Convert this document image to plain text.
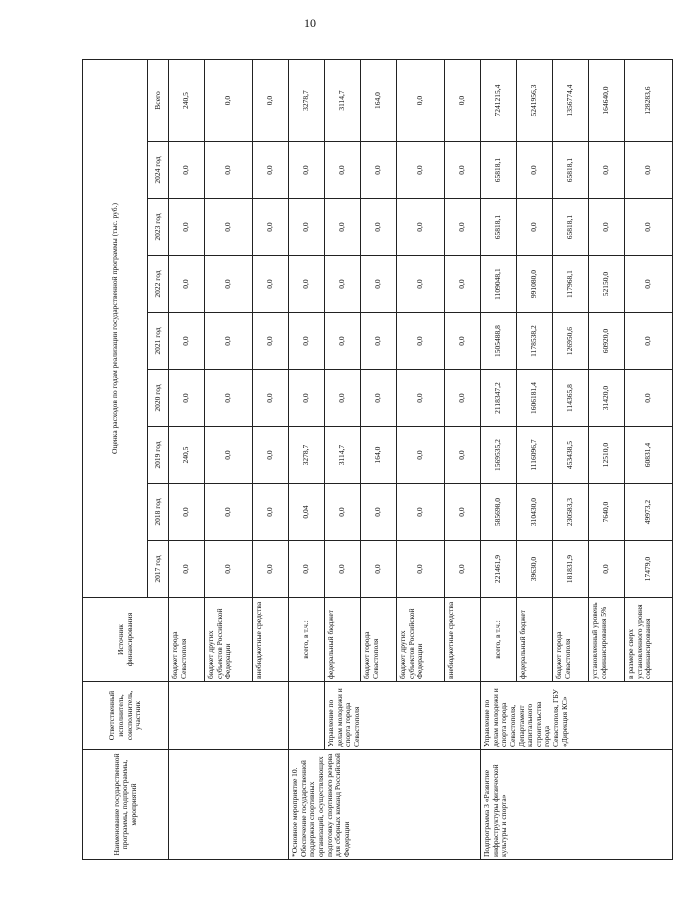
10
Наименование государственной программы, подпрограммы, мероприятий	Ответственный исполнитель, соисполнитель, участник	Источник финансирования	Оценка расходов по годам реализации государственной программы (тыс. руб.)								
			2017 год	2018 год	2019 год	2020 год	2021 год	2022 год	2023 год	2024 год	Всего
		бюджет города Севастополя	0,0	0,0	240,5	0,0	0,0	0,0	0,0	0,0	240,5
		бюджет других субъектов Российской Федерации	0,0	0,0	0,0	0,0	0,0	0,0	0,0	0,0	0,0
		внебюджетные средства	0,0	0,0	0,0	0,0	0,0	0,0	0,0	0,0	0,0
*Основное мероприятие 10. Обеспечение государственной поддержки спортивных организаций, осуществляющих подготовку спортивного резерва для сборных команд Российской Федерации		всего, в т.ч.:	0,0	0,04	3278,7	0,0	0,0	0,0	0,0	0,0	3278,7
	Управление по делам молодежи и спорта города Севастополя	федеральный бюджет	0,0	0,0	3114,7	0,0	0,0	0,0	0,0	0,0	3114,7
		бюджет города Севастополя	0,0	0,0	164,0	0,0	0,0	0,0	0,0	0,0	164,0
		бюджет других субъектов Российской Федерации	0,0	0,0	0,0	0,0	0,0	0,0	0,0	0,0	0,0
		внебюджетные средства	0,0	0,0	0,0	0,0	0,0	0,0	0,0	0,0	0,0
Подпрограмма 3 «Развитие инфраструктуры физической культуры и спорта»	Управление по делам молодежи и спорта города Севастополя, Департамент капитального строительства города Севастополя, ГБУ «Дирекция КС»	всего, в т.ч.:	221461,9	585698,0	1569535,2	2118347,2	1505488,8	1109048,1	65818,1	65818,1	7241215,4
		федеральный бюджет	39630,0	310430,0	1116096,7	1606181,4	1178538,2	991080,0	0,0	0,0	5241956,3
		бюджет города Севастополя	181831,9	230583,3	453438,5	114365,8	126950,6	117968,1	65818,1	65818,1	1356774,4
		установленный уровень софинансирования 5%	0,0	7640,0	12510,0	31420,0	60920,0	52150,0	0,0	0,0	164640,0
		в размере сверх установленного уровня софинансирования	17479,0	49973,2	60831,4	0,0	0,0	0,0	0,0	0,0	128283,6
